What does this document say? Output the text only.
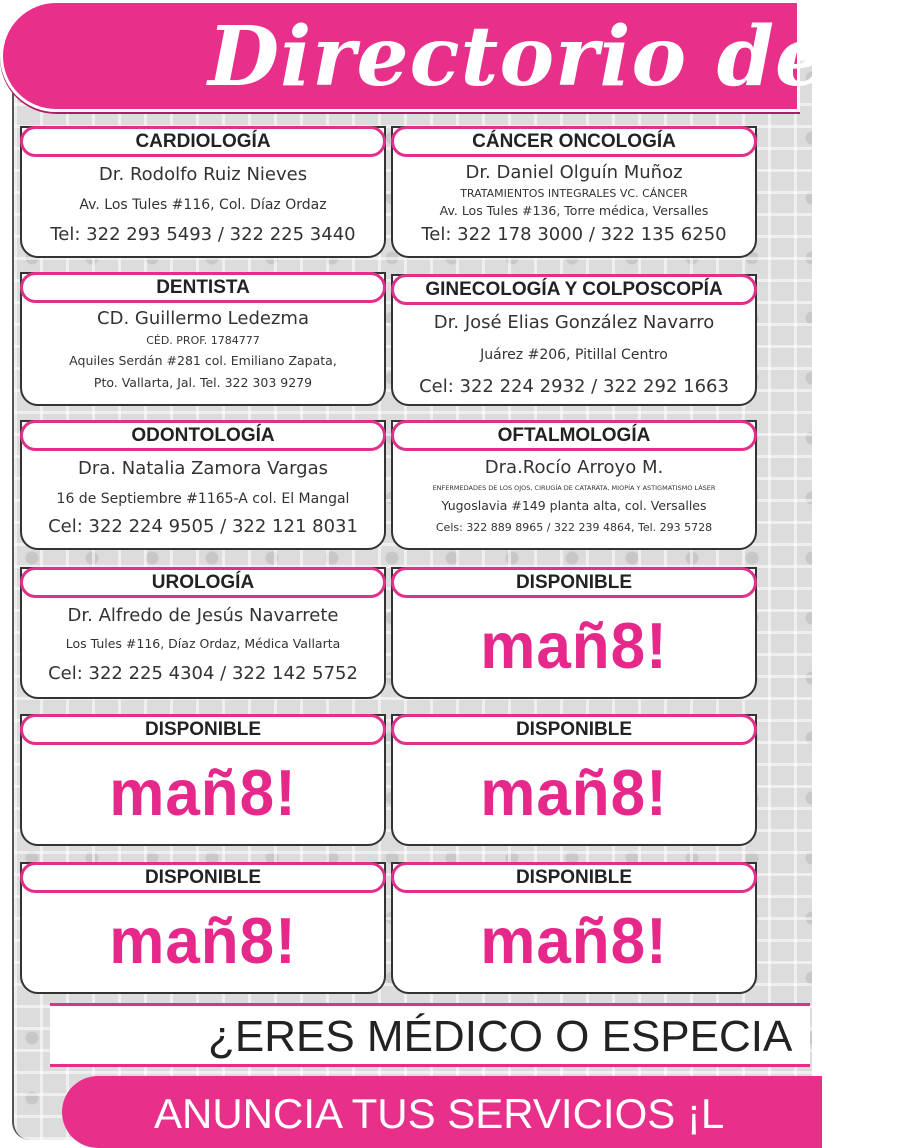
Directorio de S
CARDIOLOGÍA
Dr. Rodolfo Ruiz Nieves
Av. Los Tules #116, Col. Díaz Ordaz
Tel: 322 293 5493 / 322 225 3440
CÁNCER ONCOLOGÍA
Dr. Daniel Olguín Muñoz
TRATAMIENTOS INTEGRALES VC. CÁNCER
Av. Los Tules #136, Torre médica, Versalles
Tel: 322 178 3000 / 322 135 6250
DENTISTA
CD. Guillermo Ledezma
CÉD. PROF. 1784777
Aquiles Serdán #281 col. Emiliano Zapata,
Pto. Vallarta, Jal. Tel. 322 303 9279
GINECOLOGÍA Y COLPOSCOPÍA
Dr. José Elias González Navarro
Juárez #206, Pitillal Centro
Cel: 322 224 2932 / 322 292 1663
ODONTOLOGÍA
Dra. Natalia Zamora Vargas
16 de Septiembre #1165-A col. El Mangal
Cel: 322 224 9505 / 322 121 8031
OFTALMOLOGÍA
Dra.Rocío Arroyo M.
ENFERMEDADES DE LOS OJOS, CIRUGÍA DE CATARATA, MIOPÍA Y ASTIGMATISMO LÁSER
Yugoslavia #149 planta alta, col. Versalles
Cels: 322 889 8965 / 322 239 4864, Tel. 293 5728
UROLOGÍA
Dr. Alfredo de Jesús Navarrete
Los Tules #116, Díaz Ordaz, Médica Vallarta
Cel: 322 225 4304 / 322 142 5752
DISPONIBLE
mañ8!
DISPONIBLE
mañ8!
DISPONIBLE
mañ8!
DISPONIBLE
mañ8!
DISPONIBLE
mañ8!
¿ERES MÉDICO O ESPECIA
ANUNCIA TUS SERVICIOS ¡L
